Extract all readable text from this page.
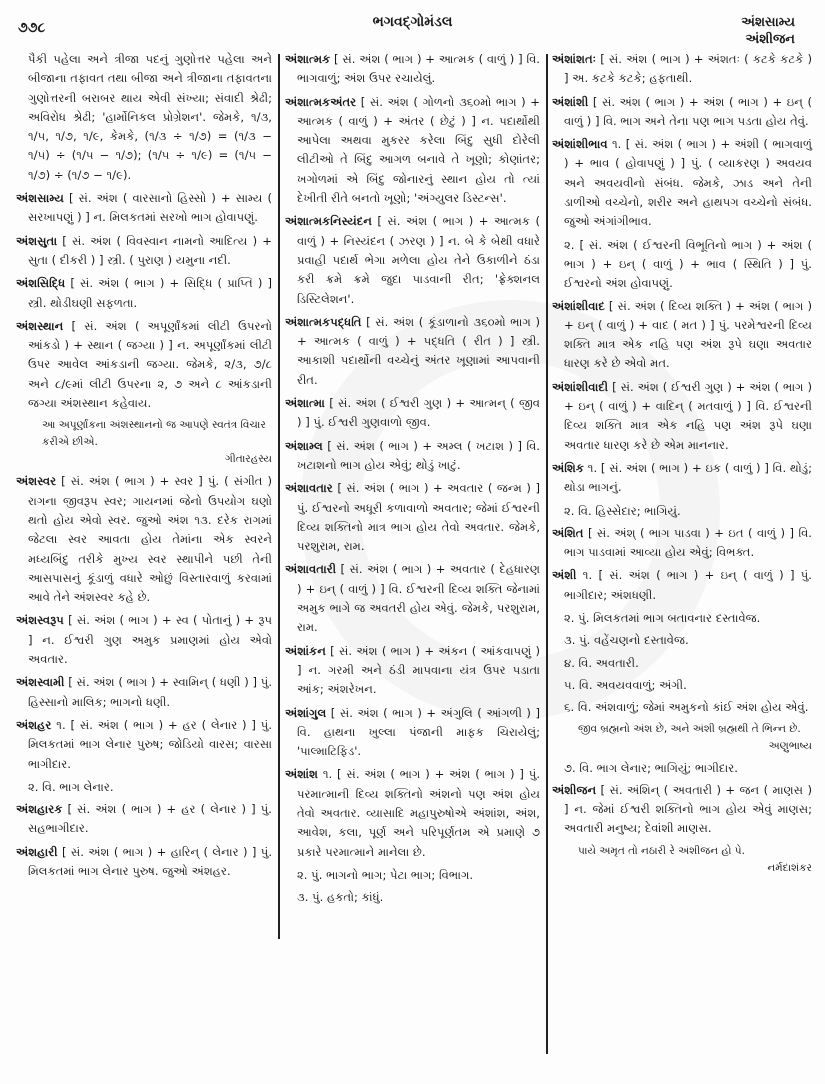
ભગવદ્ગોમંડલ
૭૭૮	અંશસામ્ય
અંશીજન
પૈકી પહેલા અને ત્રીજા પદનું ગુણોત્તર પહેલા અને બીજાના તફાવત તથા બીજા અને ત્રીજાના તફાવતના ગુણોત્તરની બરાબર થાય એવી સંખ્યા; સંવાદી શ્રેઢી; અવિરોધ શ્રેઢી; 'હાર્મોનિકલ પ્રોગ્રેશન'. જેમકે, ૧/૩, ૧/૫, ૧/૭, ૧/૯, કેમકે, (૧/૩ ÷ ૧/૭) = (૧/૩ − ૧/૫) ÷ (૧/૫ − ૧/૭); (૧/૫ ÷ ૧/૯) = (૧/૫ − ૧/૭) ÷ (૧/૭ − ૧/૯).
અંશસામ્ય [ સં. અંશ ( વારસાનો હિસ્સો ) + સામ્ય ( સરખાપણું ) ] ન. મિલકતમાં સરખો ભાગ હોવાપણું.
અંશસુતા [ સં. અંશ ( વિવસ્વાન નામનો આદિત્ય ) + સુતા ( દીકરી ) ] સ્ત્રી. ( પુરાણ ) યમુના નદી.
અંશસિદ્ધિ [ સં. અંશ ( ભાગ ) + સિદ્ધિ ( પ્રાપ્તિ ) ] સ્ત્રી. થોડીઘણી સફળતા.
અંશસ્થાન [ સં. અંશ ( અપૂર્ણાંકમાં લીટી ઉપરનો આંકડો ) + સ્થાન ( જગ્યા ) ] ન. અપૂર્ણાંકમાં લીટી ઉપર આવેલ આંકડાની જગ્યા. જેમકે, ૨/૩, ૭/૮ અને ૮/૯માં લીટી ઉપરના ૨, ૭ અને ૮ આંકડાની જગ્યા અંશસ્થાન કહેવાય.
આ અપૂર્ણાંકના અંશસ્થાનનો જ આપણે સ્વતંત્ર વિચાર કરીએ છીએ.
ગીતારહસ્ય
અંશસ્વર [ સં. અંશ ( ભાગ ) + સ્વર ] પું. ( સંગીત ) રાગના જીવરૂપ સ્વર; ગાયનમાં જેનો ઉપયોગ ઘણો થતો હોય એવો સ્વર. જુઓ અંશ ૧૩. દરેક રાગમાં જેટલા સ્વર આવતા હોય તેમાંના એક સ્વરને મધ્યબિંદુ તરીકે મુખ્ય સ્વર સ્થાપીને પછી તેની આસપાસનું કૂંડાળું વધારે ઓછું વિસ્તારવાળું કરવામાં આવે તેને અંશસ્વર કહે છે.
અંશસ્વરૂપ [ સં. અંશ ( ભાગ ) + સ્વ ( પોતાનું ) + રૂપ ] ન. ઈશ્વરી ગુણ અમુક પ્રમાણમાં હોય એવો અવતાર.
અંશસ્વામી [ સં. અંશ ( ભાગ ) + સ્વામિન્ ( ધણી ) ] પું. હિસ્સાનો માલિક; ભાગનો ધણી.
અંશહર ૧. [ સં. અંશ ( ભાગ ) + હર ( લેનાર ) ] પું. મિલકતમાં ભાગ લેનાર પુરુષ; જોડિયો વારસ; વારસા ભાગીદાર.
૨. વિ. ભાગ લેનાર.
અંશહારક [ સં. અંશ ( ભાગ ) + હર ( લેનાર ) ] પું. સહભાગીદાર.
અંશહારી [ સં. અંશ ( ભાગ ) + હારિન્ ( લેનાર ) ] પું. મિલકતમાં ભાગ લેનાર પુરુષ. જુઓ અંશહર.
અંશાત્મક [ સં. અંશ ( ભાગ ) + આત્મક ( વાળું ) ] વિ. ભાગવાળું; અંશ ઉપર રચાયેલું.
અંશાત્મકઅંતર [ સં. અંશ ( ગોળનો ૩૬૦મો ભાગ ) + આત્મક ( વાળું ) + અંતર ( છેટું ) ] ન. પદાર્થોથી આપેલા અથવા મુકરર કરેલા બિંદુ સુધી દોરેલી લીટીઓ તે બિંદુ આગળ બનાવે તે ખૂણો; કોણાંતર; ખગોળમાં એ બિંદુ જોનારનું સ્થાન હોય તો ત્યાં દેખીતી રીતે બનતો ખૂણો; 'અંગ્યુલર ડિસ્ટન્સ'.
અંશાત્મકનિસ્યંદન [ સં. અંશ ( ભાગ ) + આત્મક ( વાળું ) + નિસ્યંદન ( ઝરણ ) ] ન. બે કે બેથી વધારે પ્રવાહી પદાર્થ ભેગા મળેલા હોય તેને ઉકાળીને ઠંડા કરી ક્રમે ક્રમે જુદા પાડવાની રીત; 'ફ્રેક્શનલ ડિસ્ટિલેશન'.
અંશાત્મકપદ્ધતિ [ સં. અંશ ( કૂંડાળાનો ૩૬૦મો ભાગ ) + આત્મક ( વાળું ) + પદ્ધતિ ( રીત ) ] સ્ત્રી. આકાશી પદાર્થોની વચ્ચેનું અંતર ખૂણામાં આપવાની રીત.
અંશાત્મા [ સં. અંશ ( ઈશ્વરી ગુણ ) + આત્મન્ ( જીવ ) ] પું. ઈશ્વરી ગુણવાળો જીવ.
અંશામ્લ [ સં. અંશ ( ભાગ ) + અમ્લ ( ખટાશ ) ] વિ. ખટાશનો ભાગ હોય એવું; થોડું ખાટું.
અંશાવતાર [ સં. અંશ ( ભાગ ) + અવતાર ( જન્મ ) ] પું. ઈશ્વરનો અધૂરી કળાવાળો અવતાર; જેમાં ઈશ્વરની દિવ્ય શક્તિનો માત્ર ભાગ હોય તેવો અવતાર. જેમકે, પરશુરામ, રામ.
અંશાવતારી [ સં. અંશ ( ભાગ ) + અવતાર ( દેહધારણ ) + ઇન્ ( વાળું ) ] વિ. ઈશ્વરની દિવ્ય શક્તિ જેનામાં અમુક ભાગે જ અવતરી હોય એવું. જેમકે, પરશુરામ, રામ.
અંશાંકન [ સં. અંશ ( ભાગ ) + અંકન ( આંકવાપણું ) ] ન. ગરમી અને ઠંડી માપવાના યંત્ર ઉપર પડાતા આંક; અંશરેખન.
અંશાંગુલ [ સં. અંશ ( ભાગ ) + અંગુલિ ( આંગળી ) ] વિ. હાથના ખુલ્લા પંજાની માફક ચિરાયેલું; 'પાલ્માટિફિડ'.
અંશાંશ ૧. [ સં. અંશ ( ભાગ ) + અંશ ( ભાગ ) ] પું. પરમાત્માની દિવ્ય શક્તિનો અંશનો પણ અંશ હોય તેવો અવતાર. વ્યાસાદિ મહાપુરુષોએ અંશાંશ, અંશ, આવેશ, કલા, પૂર્ણ અને પરિપૂર્ણતમ એ પ્રમાણે ૭ પ્રકારે પરમાત્માને માનેલા છે.
૨. પું. ભાગનો ભાગ; પેટા ભાગ; વિભાગ.
૩. પું. હકતો; કાંધું.
અંશાંશતઃ [ સં. અંશ ( ભાગ ) + અંશતઃ ( કટકે કટકે ) ] અ. કટકે કટકે; હફતાથી.
અંશાંશી [ સં. અંશ ( ભાગ ) + અંશ ( ભાગ ) + ઇન્ ( વાળું ) ] વિ. ભાગ અને તેના પણ ભાગ પડતા હોય તેવું.
અંશાંશીભાવ ૧. [ સં. અંશ ( ભાગ ) + અંશી ( ભાગવાળું ) + ભાવ ( હોવાપણું ) ] પું. ( વ્યાકરણ ) અવયવ અને અવયવીનો સંબંધ. જેમકે, ઝાડ અને તેની ડાળીઓ વચ્ચેનો, શરીર અને હાથપગ વચ્ચેનો સંબંધ. જુઓ અંગાંગીભાવ.
૨. [ સં. અંશ ( ઈશ્વરની વિભૂતિનો ભાગ ) + અંશ ( ભાગ ) + ઇન્ ( વાળું ) + ભાવ ( સ્થિતિ ) ] પું. ઈશ્વરનો અંશ હોવાપણું.
અંશાંશીવાદ [ સં. અંશ ( દિવ્ય શક્તિ ) + અંશ ( ભાગ ) + ઇન્ ( વાળું ) + વાદ ( મત ) ] પું. પરમેશ્વરની દિવ્ય શક્તિ માત્ર એક નહિ પણ અંશ રૂપે ઘણા અવતાર ધારણ કરે છે એવો મત.
અંશાંશીવાદી [ સં. અંશ ( ઈશ્વરી ગુણ ) + અંશ ( ભાગ ) + ઇન્ ( વાળું ) + વાદિન્ ( મતવાળું ) ] વિ. ઈશ્વરની દિવ્ય શક્તિ માત્ર એક નહિ પણ અંશ રૂપે ઘણા અવતાર ધારણ કરે છે એમ માનનાર.
અંશિક ૧. [ સં. અંશ ( ભાગ ) + ઇક ( વાળું ) ] વિ. થોડું; થોડા ભાગનું.
૨. વિ. હિસ્સેદાર; ભાગિયું.
અંશિત [ સં. અંશ્ ( ભાગ પાડવા ) + ઇત ( વાળું ) ] વિ. ભાગ પાડવામાં આવ્યા હોય એવું; વિભક્ત.
અંશી ૧. [ સં. અંશ ( ભાગ ) + ઇન્ ( વાળું ) ] પું. ભાગીદાર; અંશધણી.
૨. પું. મિલકતમાં ભાગ બતાવનાર દસ્તાવેજ.
૩. પું. વહેંચણનો દસ્તાવેજ.
૪. વિ. અવતારી.
૫. વિ. અવયવવાળું; અંગી.
૬. વિ. અંશવાળું; જેમાં અમુકનો કાંઈ અંશ હોય એવું.
જીવ બ્રહ્મનો અંશ છે, અને અંશી બ્રહ્મથી તે ભિન્ન છે.
અણુભાષ્ય
૭. વિ. ભાગ લેનાર; ભાગિયું; ભાગીદાર.
અંશીજન [ સં. અંશિન્ ( અવતારી ) + જન ( માણસ ) ] ન. જેમાં ઈશ્વરી શક્તિનો ભાગ હોય એવું માણસ; અવતારી મનુષ્ય; દેવાંશી માણસ.
પાયે અમૃત તો નઠારી રે અંશીજન હો પે.
નર્મદાશંકર
